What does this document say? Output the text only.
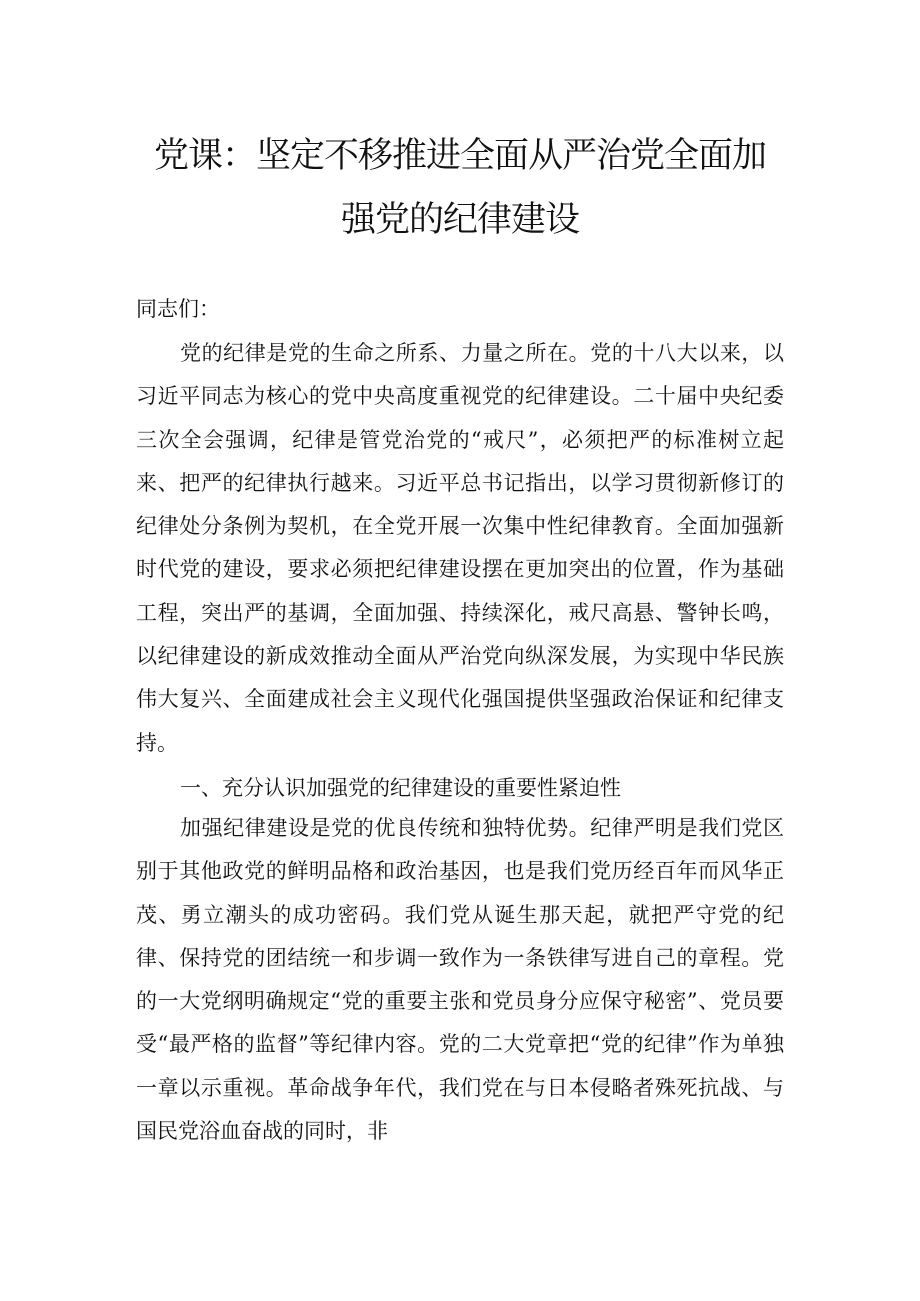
党课：坚定不移推进全面从严治党全面加
强党的纪律建设

同志们：

党的纪律是党的生命之所系、力量之所在。党的十八大以来，以习近平同志为核心的党中央高度重视党的纪律建设。二十届中央纪委三次全会强调，纪律是管党治党的“戒尺”，必须把严的标准树立起来、把严的纪律执行越来。习近平总书记指出，以学习贯彻新修订的纪律处分条例为契机，在全党开展一次集中性纪律教育。全面加强新时代党的建设，要求必须把纪律建设摆在更加突出的位置，作为基础工程，突出严的基调，全面加强、持续深化，戒尺高悬、警钟长鸣，以纪律建设的新成效推动全面从严治党向纵深发展，为实现中华民族伟大复兴、全面建成社会主义现代化强国提供坚强政治保证和纪律支持。

一、充分认识加强党的纪律建设的重要性紧迫性

加强纪律建设是党的优良传统和独特优势。纪律严明是我们党区别于其他政党的鲜明品格和政治基因，也是我们党历经百年而风华正茂、勇立潮头的成功密码。我们党从诞生那天起，就把严守党的纪律、保持党的团结统一和步调一致作为一条铁律写进自己的章程。党的一大党纲明确规定“党的重要主张和党员身分应保守秘密”、党员要受“最严格的监督”等纪律内容。党的二大党章把“党的纪律”作为单独一章以示重视。革命战争年代，我们党在与日本侵略者殊死抗战、与国民党浴血奋战的同时，非
